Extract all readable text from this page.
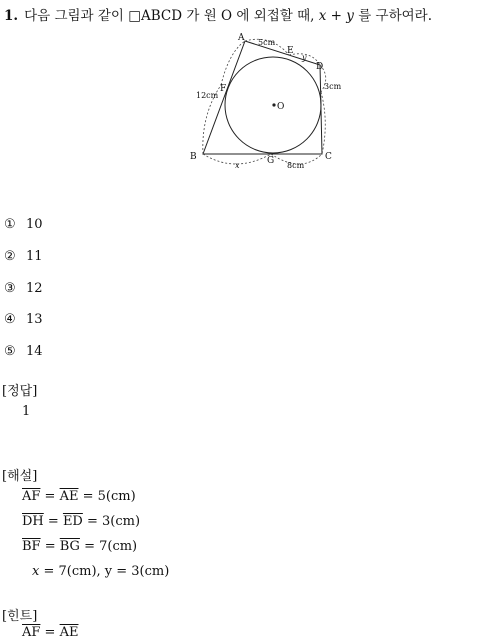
1. 다음 그림과 같이 □ABCD 가 원 O 에 외접할 때, x + y 를 구하여라.
A
E
D
F
B	G	C
O
y
x
5cm
3cm
12cm
8cm
① 10
② 11
③ 12
④ 13
⑤ 14
[정답]
1
[해설]
$\overline{AF} = \overline{AE} = 5(cm)$
$\overline{DH} = \overline{ED} = 3(cm)$
$\overline{BF} = \overline{BG} = 7(cm)$
x = 7(cm), y = 3(cm)
[힌트]
$\overline{AF} = \overline{AE}$
